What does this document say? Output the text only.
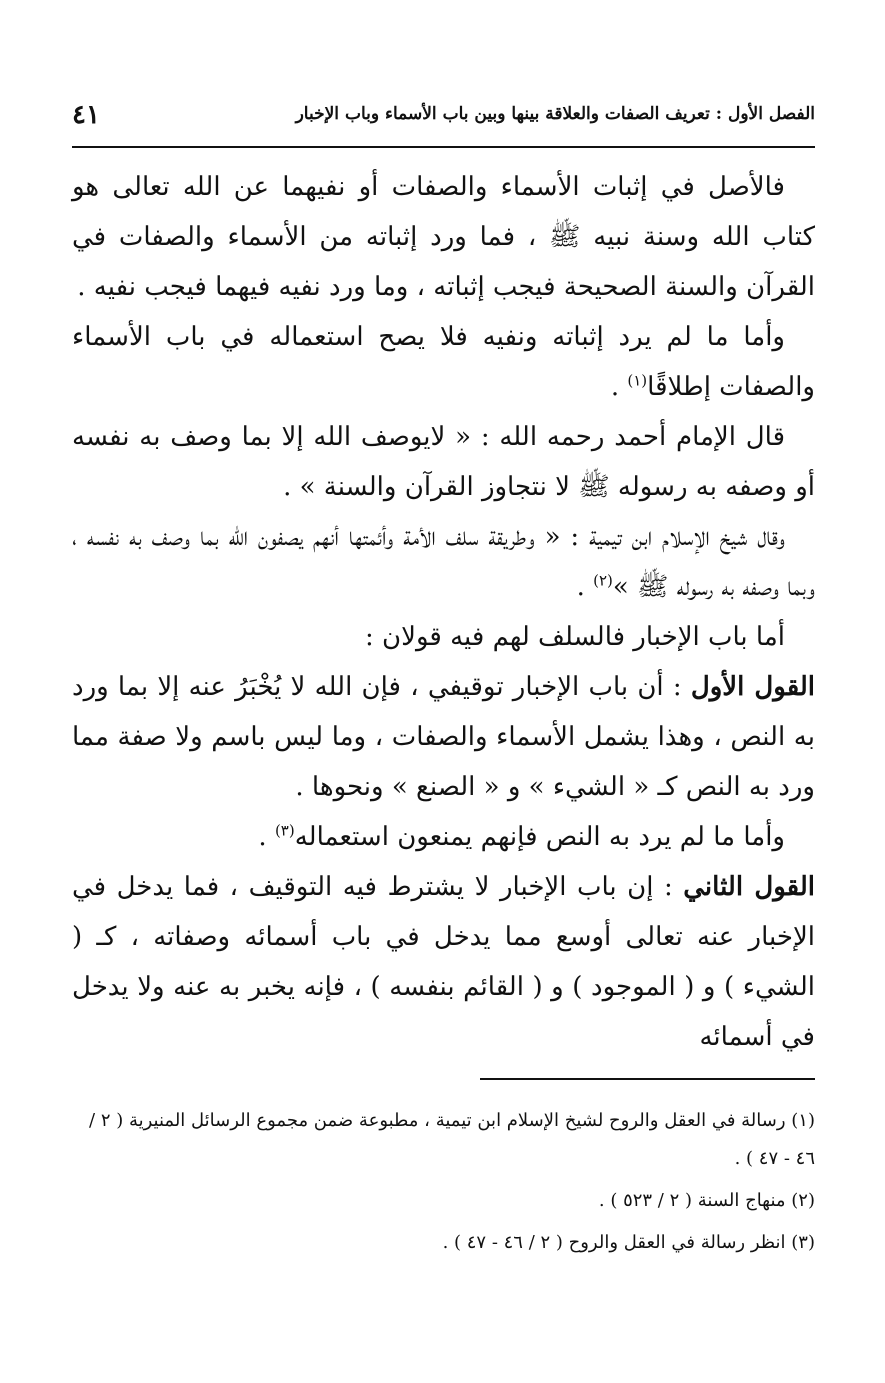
الفصل الأول : تعريف الصفات والعلاقة بينها وبين باب الأسماء وباب الإخبار
٤١

فالأصل في إثبات الأسماء والصفات أو نفيهما عن الله تعالى هو كتاب الله وسنة نبيه ﷺ ، فما ورد إثباته من الأسماء والصفات في القرآن والسنة الصحيحة فيجب إثباته ، وما ورد نفيه فيهما فيجب نفيه .

وأما ما لم يرد إثباته ونفيه فلا يصح استعماله في باب الأسماء والصفات إطلاقًا$^{(١)}$ .

قال الإمام أحمد رحمه الله : « لايوصف الله إلا بما وصف به نفسه أو وصفه به رسوله ﷺ لا نتجاوز القرآن والسنة » .

وقال شيخ الإسلام ابن تيمية : « وطريقة سلف الأمة وأئمتها أنهم يصفون الله بما وصف به نفسه ، وبما وصفه به رسوله ﷺ »$^{(٢)}$ .

أما باب الإخبار فالسلف لهم فيه قولان :

القول الأول : أن باب الإخبار توقيفي ، فإن الله لا يُخْبَرُ عنه إلا بما ورد به النص ، وهذا يشمل الأسماء والصفات ، وما ليس باسم ولا صفة مما ورد به النص كـ « الشيء » و « الصنع » ونحوها .

وأما ما لم يرد به النص فإنهم يمنعون استعماله$^{(٣)}$ .

القول الثاني : إن باب الإخبار لا يشترط فيه التوقيف ، فما يدخل في الإخبار عنه تعالى أوسع مما يدخل في باب أسمائه وصفاته ، كـ ( الشيء ) و ( الموجود ) و ( القائم بنفسه ) ، فإنه يخبر به عنه ولا يدخل في أسمائه

(١) رسالة في العقل والروح لشيخ الإسلام ابن تيمية ، مطبوعة ضمن مجموع الرسائل المنيرية ( ٢ / ٤٦ - ٤٧ ) .

(٢) منهاج السنة ( ٢ / ٥٢٣ ) .

(٣) انظر رسالة في العقل والروح ( ٢ / ٤٦ - ٤٧ ) .
